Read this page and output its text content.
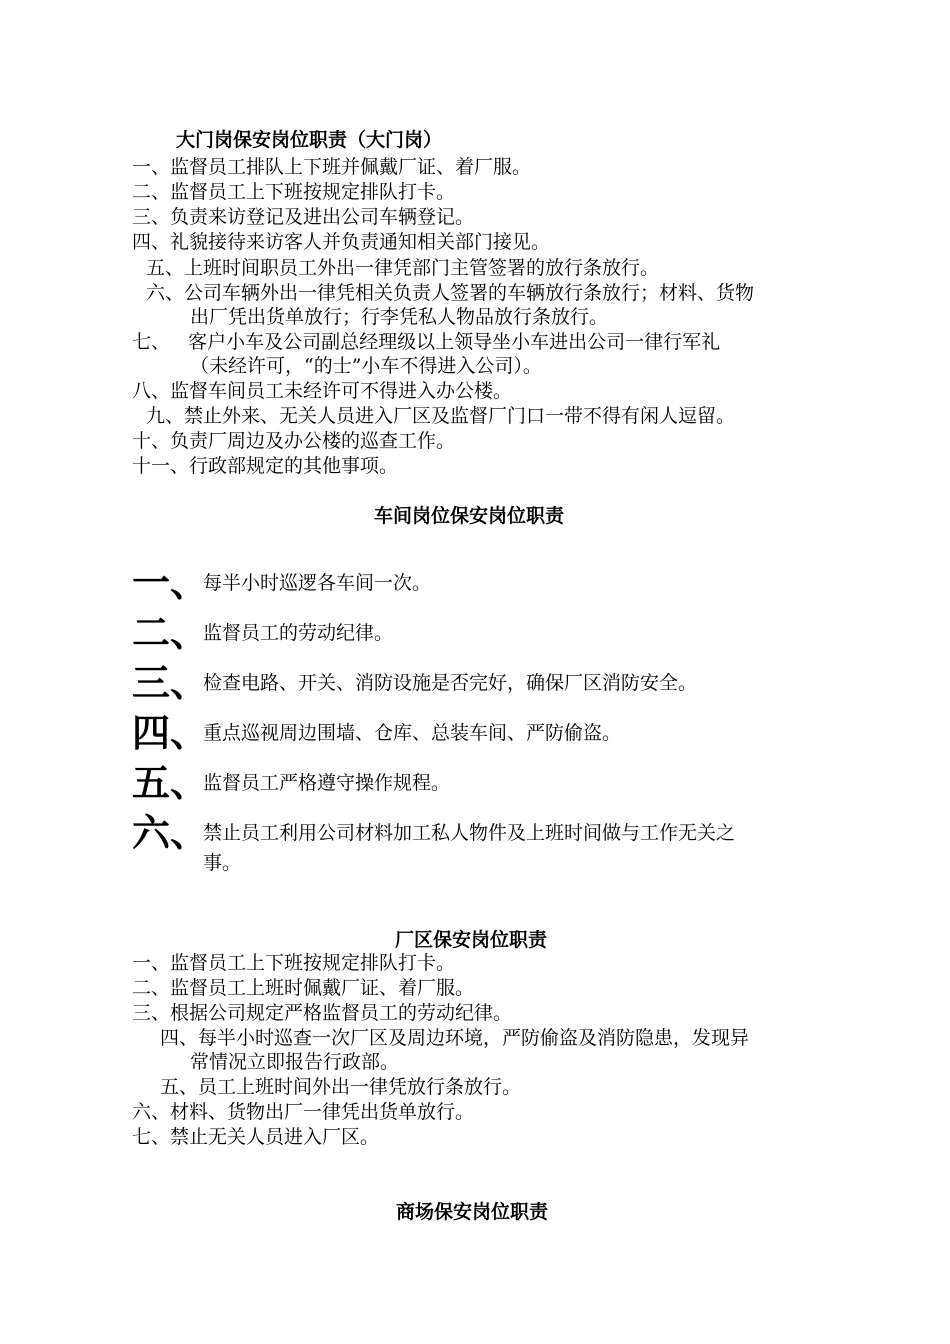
大门岗保安岗位职责（大门岗）
一、监督员工排队上下班并佩戴厂证、着厂服。
二、监督员工上下班按规定排队打卡。
三、负责来访登记及进出公司车辆登记。
四、礼貌接待来访客人并负责通知相关部门接见。
五、上班时间职员工外出一律凭部门主管签署的放行条放行。
六、公司车辆外出一律凭相关负责人签署的车辆放行条放行；材料、货物
出厂凭出货单放行；行李凭私人物品放行条放行。
七、   客户小车及公司副总经理级以上领导坐小车进出公司一律行军礼
（未经许可，“的士”小车不得进入公司）。
八、监督车间员工未经许可不得进入办公楼。
九、禁止外来、无关人员进入厂区及监督厂门口一带不得有闲人逗留。
十、负责厂周边及办公楼的巡查工作。
十一、行政部规定的其他事项。
车间岗位保安岗位职责
一、
每半小时巡逻各车间一次。
二、
监督员工的劳动纪律。
三、
检查电路、开关、消防设施是否完好，确保厂区消防安全。
四、
重点巡视周边围墙、仓库、总装车间、严防偷盗。
五、
监督员工严格遵守操作规程。
六、
禁止员工利用公司材料加工私人物件及上班时间做与工作无关之
事。
厂区保安岗位职责
一、监督员工上下班按规定排队打卡。
二、监督员工上班时佩戴厂证、着厂服。
三、根据公司规定严格监督员工的劳动纪律。
四、每半小时巡查一次厂区及周边环境，严防偷盗及消防隐患，发现异
常情况立即报告行政部。
五、员工上班时间外出一律凭放行条放行。
六、材料、货物出厂一律凭出货单放行。
七、禁止无关人员进入厂区。
商场保安岗位职责
